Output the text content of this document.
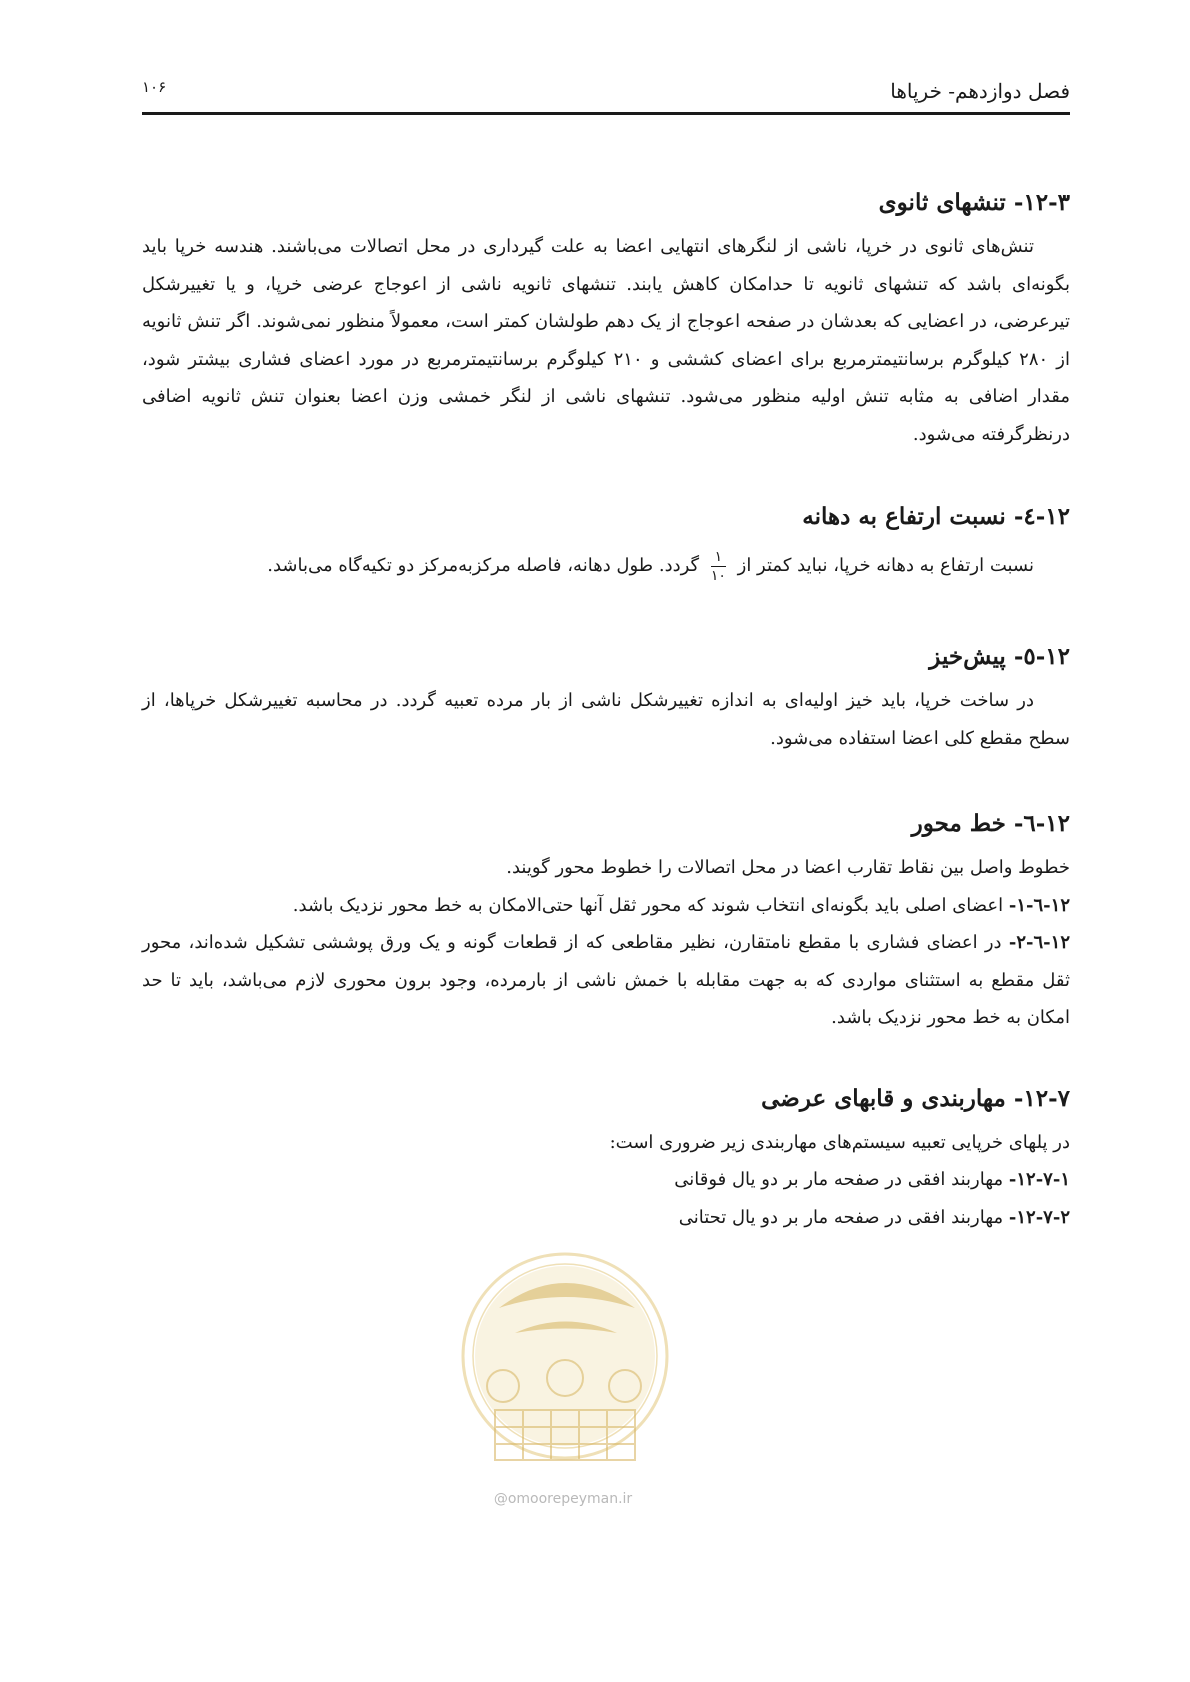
فصل دوازدهم- خرپاها
۱۰۶
۱۲-۳- تنشهای ثانوی

تنش‌های ثانوی در خرپا، ناشی از لنگرهای انتهایی اعضا به علت گیرداری در محل اتصالات می‌باشند. هندسه خرپا باید بگونه‌ای باشد که تنشهای ثانویه تا حدامکان کاهش یابند. تنشهای ثانویه ناشی از اعوجاج عرضی خرپا، و یا تغییرشکل تیرعرضی، در اعضایی که بعدشان در صفحه اعوجاج از یک دهم طولشان کمتر است، معمولاً منظور نمی‌شوند. اگر تنش ثانویه از ۲۸۰ کیلوگرم برسانتیمترمربع برای اعضای کششی و ۲۱۰ کیلوگرم برسانتیمترمربع در مورد اعضای فشاری بیشتر شود، مقدار اضافی به مثابه تنش اولیه منظور می‌شود. تنشهای ناشی از لنگر خمشی وزن اعضا بعنوان تنش ثانویه اضافی درنظرگرفته می‌شود.

۱۲-٤- نسبت ارتفاع به دهانه
نسبت ارتفاع به دهانه خرپا، نباید کمتر از
$\frac{۱}{۱۰}$
گردد. طول دهانه، فاصله مرکزبه‌مرکز دو تکیه‌گاه می‌باشد.
۱۲-٥- پیش‌خیز

در ساخت خرپا، باید خیز اولیه‌ای به اندازه تغییرشکل ناشی از بار مرده تعبیه گردد. در محاسبه تغییرشکل خرپاها، از سطح مقطع کلی اعضا استفاده می‌شود.

۱۲-٦- خط محور

خطوط واصل بین نقاط تقارب اعضا در محل اتصالات را خطوط محور گویند.

۱۲-٦-۱- اعضای اصلی باید بگونه‌ای انتخاب شوند که محور ثقل آنها حتی‌الامکان به خط محور نزدیک باشد.

۱۲-٦-۲- در اعضای فشاری با مقطع نامتقارن، نظیر مقاطعی که از قطعات گونه و یک ورق پوششی تشکیل شده‌اند، محور ثقل مقطع به استثنای مواردی که به جهت مقابله با خمش ناشی از بارمرده، وجود برون محوری لازم می‌باشد، باید تا حد امکان به خط محور نزدیک باشد.

۱۲-۷- مهاربندی و قابهای عرضی

در پلهای خرپایی تعبیه سیستم‌های مهاربندی زیر ضروری است:

۱۲-۷-۱- مهاربند افقی در صفحه مار بر دو یال فوقانی

۱۲-۷-۲- مهاربند افقی در صفحه مار بر دو یال تحتانی

@omoorepeyman.ir
